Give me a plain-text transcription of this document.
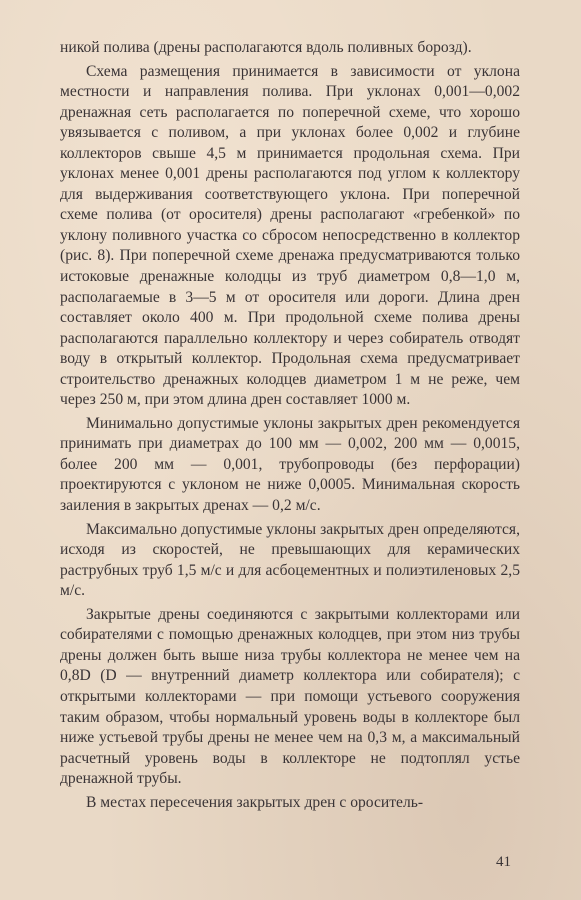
никой полива (дрены располагаются вдоль поливных борозд).

Схема размещения принимается в зависимости от уклона местности и направления полива. При уклонах 0,001—0,002 дренажная сеть располагается по поперечной схеме, что хорошо увязывается с поливом, а при уклонах более 0,002 и глубине коллекторов свыше 4,5 м принимается продольная схема. При уклонах менее 0,001 дрены располагаются под углом к коллектору для выдерживания соответствующего уклона. При поперечной схеме полива (от оросителя) дрены располагают «гребенкой» по уклону поливного участка со сбросом непосредственно в коллектор (рис. 8). При поперечной схеме дренажа предусматриваются только истоковые дренажные колодцы из труб диаметром 0,8—1,0 м, располагаемые в 3—5 м от оросителя или дороги. Длина дрен составляет около 400 м. При продольной схеме полива дрены располагаются параллельно коллектору и через собиратель отводят воду в открытый коллектор. Продольная схема предусматривает строительство дренажных колодцев диаметром 1 м не реже, чем через 250 м, при этом длина дрен составляет 1000 м.

Минимально допустимые уклоны закрытых дрен рекомендуется принимать при диаметрах до 100 мм — 0,002, 200 мм — 0,0015, более 200 мм — 0,001, трубопроводы (без перфорации) проектируются с уклоном не ниже 0,0005. Минимальная скорость заиления в закрытых дренах — 0,2 м/с.

Максимально допустимые уклоны закрытых дрен определяются, исходя из скоростей, не превышающих для керамических раструбных труб 1,5 м/с и для асбоцементных и полиэтиленовых 2,5 м/с.

Закрытые дрены соединяются с закрытыми коллекторами или собирателями с помощью дренажных колодцев, при этом низ трубы дрены должен быть выше низа трубы коллектора не менее чем на 0,8D (D — внутренний диаметр коллектора или собирателя); с открытыми коллекторами — при помощи устьевого сооружения таким образом, чтобы нормальный уровень воды в коллекторе был ниже устьевой трубы дрены не менее чем на 0,3 м, а максимальный расчетный уровень воды в коллекторе не подтоплял устье дренажной трубы.

В местах пересечения закрытых дрен с ороситель-

41
